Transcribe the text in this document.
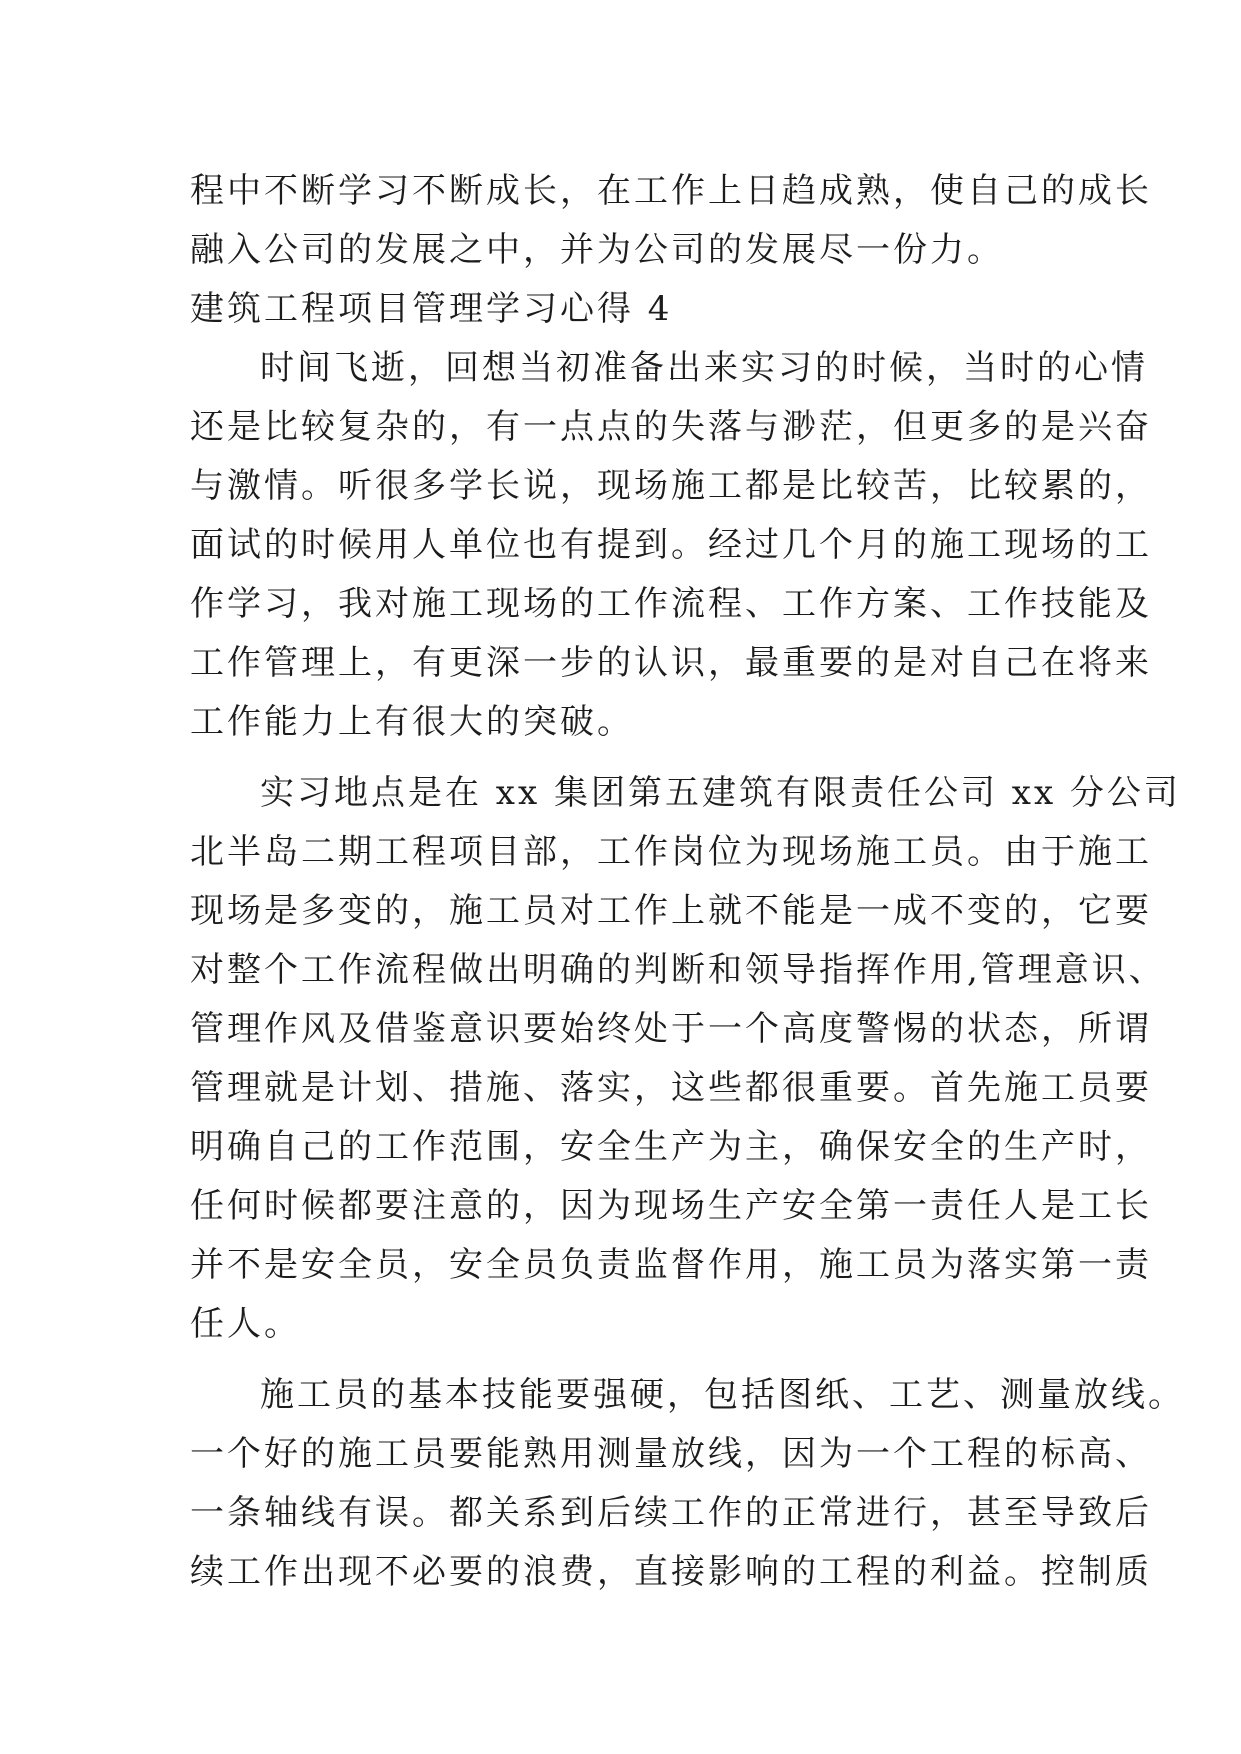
程中不断学习不断成长，在工作上日趋成熟，使自己的成长
融入公司的发展之中，并为公司的发展尽一份力。
建筑工程项目管理学习心得 4
时间飞逝，回想当初准备出来实习的时候，当时的心情
还是比较复杂的，有一点点的失落与渺茫，但更多的是兴奋
与激情。听很多学长说，现场施工都是比较苦，比较累的，
面试的时候用人单位也有提到。经过几个月的施工现场的工
作学习，我对施工现场的工作流程、工作方案、工作技能及
工作管理上，有更深一步的认识，最重要的是对自己在将来
工作能力上有很大的突破。
实习地点是在 xx 集团第五建筑有限责任公司 xx 分公司
北半岛二期工程项目部，工作岗位为现场施工员。由于施工
现场是多变的，施工员对工作上就不能是一成不变的，它要
对整个工作流程做出明确的判断和领导指挥作用,管理意识、
管理作风及借鉴意识要始终处于一个高度警惕的状态，所谓
管理就是计划、措施、落实，这些都很重要。首先施工员要
明确自己的工作范围，安全生产为主，确保安全的生产时，
任何时候都要注意的，因为现场生产安全第一责任人是工长
并不是安全员，安全员负责监督作用，施工员为落实第一责
任人。
施工员的基本技能要强硬，包括图纸、工艺、测量放线。
一个好的施工员要能熟用测量放线，因为一个工程的标高、
一条轴线有误。都关系到后续工作的正常进行，甚至导致后
续工作出现不必要的浪费，直接影响的工程的利益。控制质
